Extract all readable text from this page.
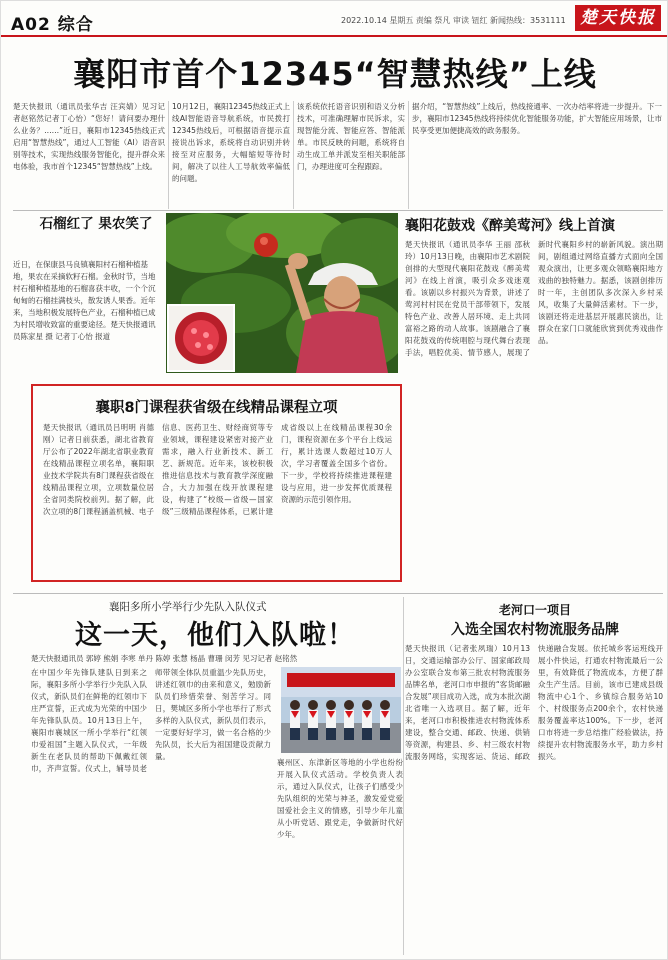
A02 综合	2022.10.14 星期五 责编 祭凡 审读 钮红 新闻热线：3531111 楚天快报
襄阳市首个12345“智慧热线”上线
楚天快报讯（通讯员张华吉 汪宾婧）见习记者赵铭然记者丁心怡）“您好！请问要办理什么业务？……”近日，襄阳市12345热线正式启用“智慧热线”，通过人工智能（AI）语音识别等技术，实现热线服务智能化，提升群众来电体验，我市首个12345“智慧热线”上线。
10月12日，襄阳12345热线正式上线AI智能语音导航系统，市民拨打12345热线后，可根据语音提示直接说出诉求，系统将自动识别并转接至对应服务，大幅缩短等待时间，解决了以往人工导航效率偏低的问题。
该系统依托语音识别和语义分析技术，可准确理解市民诉求，实现智能分流、智能应答、智能派单。市民反映的问题，系统将自动生成工单并派发至相关职能部门，办理进度可全程跟踪。
据介绍，“智慧热线”上线后，热线接通率、一次办结率将进一步提升。下一步，襄阳市12345热线将持续优化智能服务功能，扩大智能应用场景，让市民享受更加便捷高效的政务服务。
石榴红了 果农笑了
近日，在保康县马良镇襄阳村石榴种植基地，果农在采摘软籽石榴。金秋时节，当地村石榴种植基地的石榴喜获丰收，一个个沉甸甸的石榴挂满枝头，散发诱人果香。近年来，当地积极发展特色产业，石榴种植已成为村民增收致富的重要途径。楚天快报通讯员陈家星 摄 记者丁心怡 报道
襄阳花鼓戏《醉美莺河》线上首演
楚天快报讯（通讯员李华 王丽 邵秋玲）10月13日晚，由襄阳市艺术剧院创排的大型现代襄阳花鼓戏《醉美莺河》在线上首演，吸引众多戏迷观看。该剧以乡村振兴为背景，讲述了莺河村村民在党员干部带领下，发展特色产业、改善人居环境、走上共同富裕之路的动人故事。该剧融合了襄阳花鼓戏的传统唱腔与现代舞台表现手法，唱腔优美、情节感人，展现了新时代襄阳乡村的崭新风貌。演出期间，剧组通过网络直播方式面向全国观众演出，让更多观众领略襄阳地方戏曲的独特魅力。据悉，该剧创排历时一年，主创团队多次深入乡村采风，收集了大量鲜活素材。下一步，该剧还将走进基层开展惠民演出，让群众在家门口就能欣赏到优秀戏曲作品。
襄职8门课程获省级在线精品课程立项
楚天快报讯（通讯员吕明明 肖德刚）记者日前获悉，湖北省教育厅公布了2022年湖北省职业教育在线精品课程立项名单，襄阳职业技术学院共有8门课程获省级在线精品课程立项，立项数量位居全省同类院校前列。据了解，此次立项的8门课程涵盖机械、电子信息、医药卫生、财经商贸等专业领域，课程建设紧密对接产业需求，融入行业新技术、新工艺、新规范。近年来，该校积极推进信息技术与教育教学深度融合，大力加强在线开放课程建设，构建了“校级—省级—国家级”三级精品课程体系，已累计建成省级以上在线精品课程30余门，课程资源在多个平台上线运行，累计选课人数超过10万人次，学习者覆盖全国多个省份。下一步，学校将持续推进课程建设与应用，进一步发挥优质课程资源的示范引领作用。
襄阳多所小学举行少先队入队仪式
这一天，他们入队啦！
楚天快报通讯员 郭婷 熊娟 李寒 单丹 陈婷 张慧 杨晶 曹珊 闵芳 见习记者 赵铭然
在中国少年先锋队建队日到来之际，襄阳多所小学举行少先队入队仪式，新队员们在鲜艳的红领巾下庄严宣誓，正式成为光荣的中国少年先锋队队员。10月13日上午，襄阳市襄城区一所小学举行“红领巾爱祖国”主题入队仪式，一年级新生在老队员的帮助下佩戴红领巾，齐声宣誓。仪式上，辅导员老师带领全体队员重温少先队历史，讲述红领巾的由来和意义，勉励新队员们珍惜荣誉、刻苦学习。同日，樊城区多所小学也举行了形式多样的入队仪式，新队员们表示，一定要好好学习，做一名合格的少先队员，长大后为祖国建设贡献力量。
襄州区、东津新区等地的小学也纷纷开展入队仪式活动。学校负责人表示，通过入队仪式，让孩子们感受少先队组织的光荣与神圣，激发爱党爱国爱社会主义的情感，引导少年儿童从小听党话、跟党走，争做新时代好少年。
老河口一项目
入选全国农村物流服务品牌
楚天快报讯（记者张夙瑞）10月13日，交通运输部办公厅、国家邮政局办公室联合发布第三批农村物流服务品牌名单，老河口市申报的“客货邮融合发展”项目成功入选，成为本批次湖北省唯一入选项目。据了解，近年来，老河口市积极推进农村物流体系建设，整合交通、邮政、快递、供销等资源，构建县、乡、村三级农村物流服务网络，实现客运、货运、邮政快递融合发展。依托城乡客运班线开展小件快运，打通农村物流最后一公里，有效降低了物流成本，方便了群众生产生活。目前，该市已建成县级物流中心1个、乡镇综合服务站10个、村级服务点200余个，农村快递服务覆盖率达100%。下一步，老河口市将进一步总结推广经验做法，持续提升农村物流服务水平，助力乡村振兴。
